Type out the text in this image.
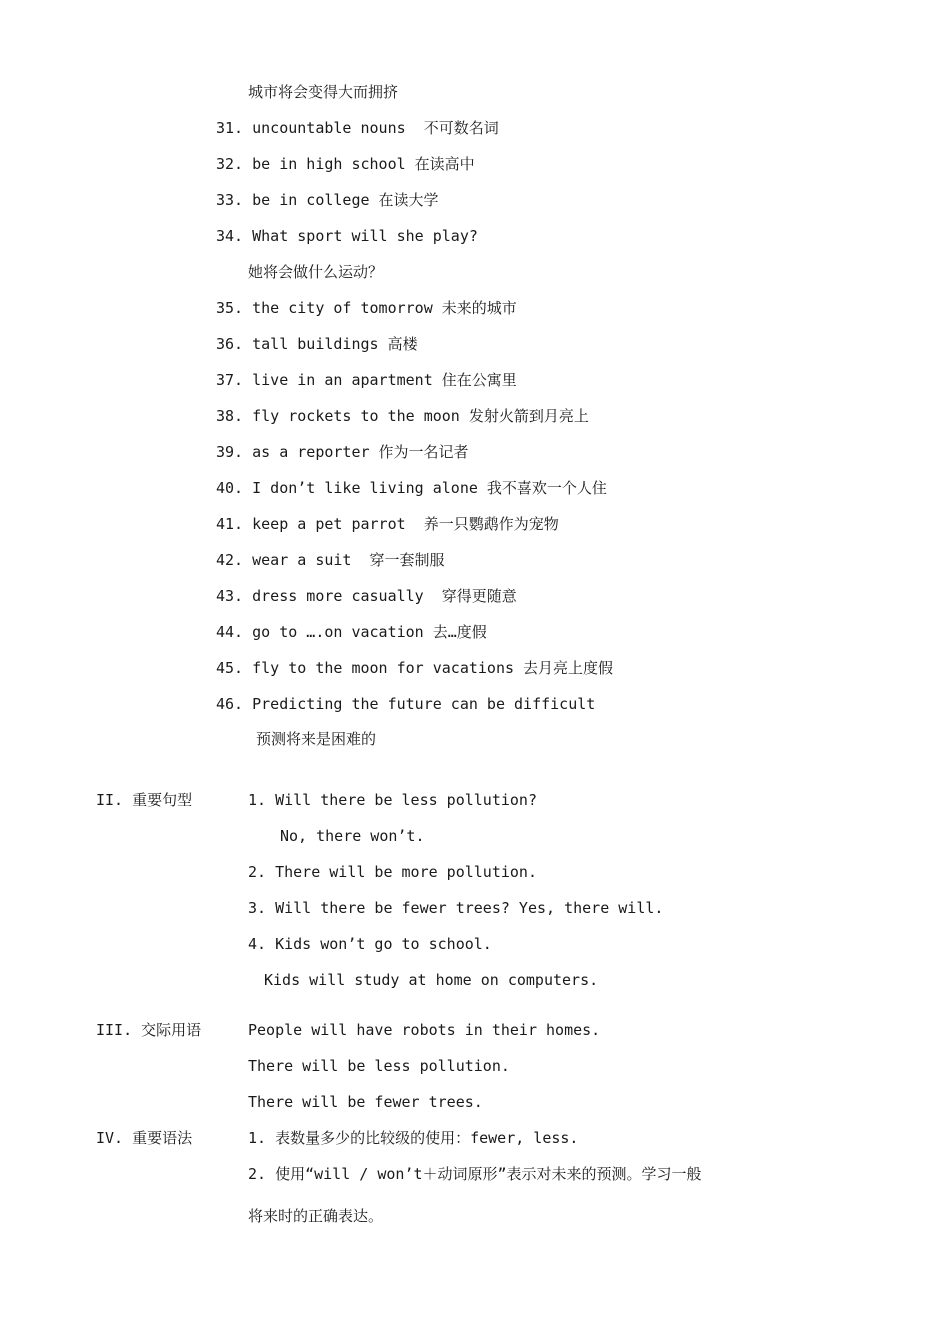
城市将会变得大而拥挤
31. uncountable nouns  不可数名词
32. be in high school 在读高中
33. be in college 在读大学
34. What sport will she play?
她将会做什么运动？
35. the city of tomorrow 未来的城市
36. tall buildings 高楼
37. live in an apartment 住在公寓里
38. fly rockets to the moon 发射火箭到月亮上
39. as a reporter 作为一名记者
40. I don’t like living alone 我不喜欢一个人住
41. keep a pet parrot  养一只鹦鹉作为宠物
42. wear a suit  穿一套制服
43. dress more casually  穿得更随意
44. go to ….on vacation 去…度假
45. fly to the moon for vacations 去月亮上度假
46. Predicting the future can be difficult
预测将来是困难的
II. 重要句型	1. Will there be less pollution?
No, there won’t.
2. There will be more pollution.
3. Will there be fewer trees? Yes, there will.
4. Kids won’t go to school.
Kids will study at home on computers.
III. 交际用语	People will have robots in their homes.
There will be less pollution.
There will be fewer trees.
IV. 重要语法	1. 表数量多少的比较级的使用：fewer, less.
2. 使用“will / won’t＋动词原形”表示对未来的预测。学习一般
将来时的正确表达。
